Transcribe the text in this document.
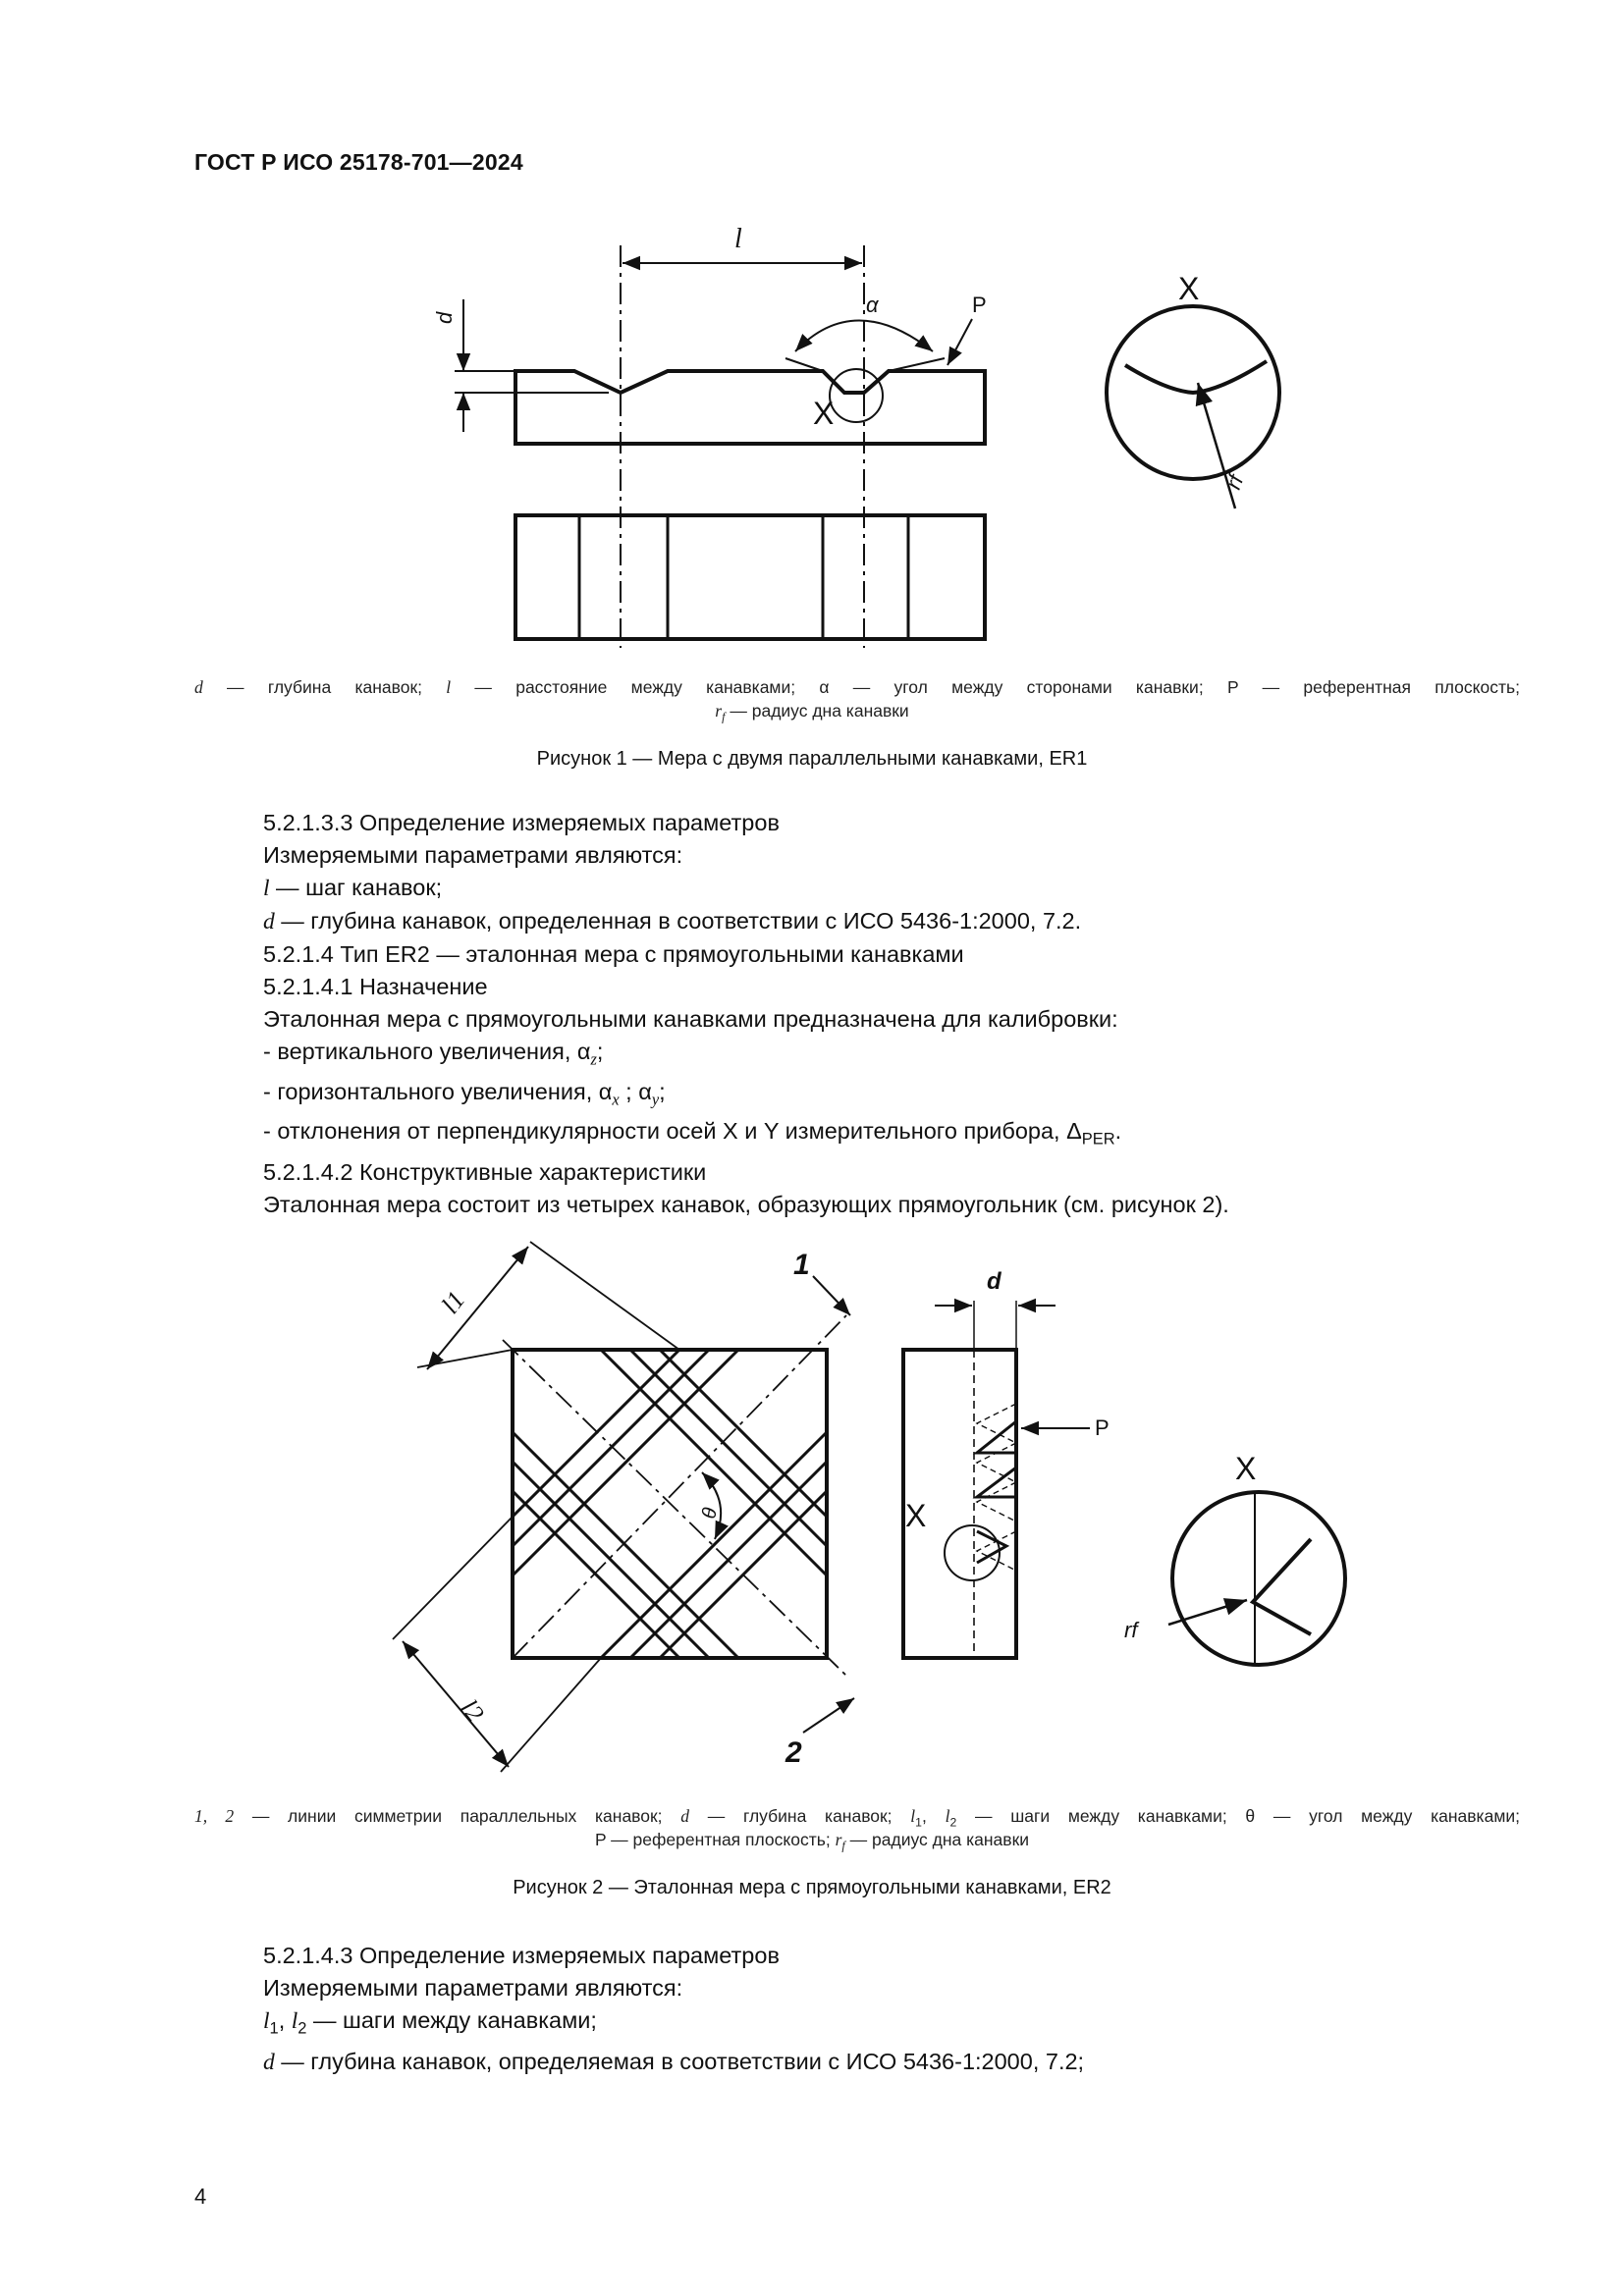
ГОСТ Р ИСО 25178-701—2024
l
d
α	P
X
X
rf
d — глубина канавок; l — расстояние между канавками; α — угол между сторонами канавки; P — референтная плоскость;
$r_f$ — радиус дна канавки
Рисунок 1 — Мера с двумя параллельными канавками, ER1

5.2.1.3.3 Определение измеряемых параметров

Измеряемыми параметрами являются:

l — шаг канавок;

d — глубина канавок, определенная в соответствии с ИСО 5436-1:2000, 7.2.

5.2.1.4 Тип ER2 — эталонная мера с прямоугольными канавками

5.2.1.4.1 Назначение

Эталонная мера с прямоугольными канавками предназначена для калибровки:

- вертикального увеличения, $\alpha_z$;

- горизонтального увеличения, $\alpha_x$ ; $\alpha_y$;

- отклонения от перпендикулярности осей X и Y измерительного прибора, $\Delta_{PER}$.

5.2.1.4.2 Конструктивные характеристики

Эталонная мера состоит из четырех канавок, образующих прямоугольник (см. рисунок 2).

1
2
l1
l2
θ
d
P
X
X
rf
1, 2 — линии симметрии параллельных канавок; d — глубина канавок; $l_1$, $l_2$ — шаги между канавками; θ — угол между канавками;
P — референтная плоскость; $r_f$ — радиус дна канавки
Рисунок 2 — Эталонная мера с прямоугольными канавками, ER2

5.2.1.4.3 Определение измеряемых параметров

Измеряемыми параметрами являются:

$l_1$, $l_2$ — шаги между канавками;

d — глубина канавок, определяемая в соответствии с ИСО 5436-1:2000, 7.2;

4
